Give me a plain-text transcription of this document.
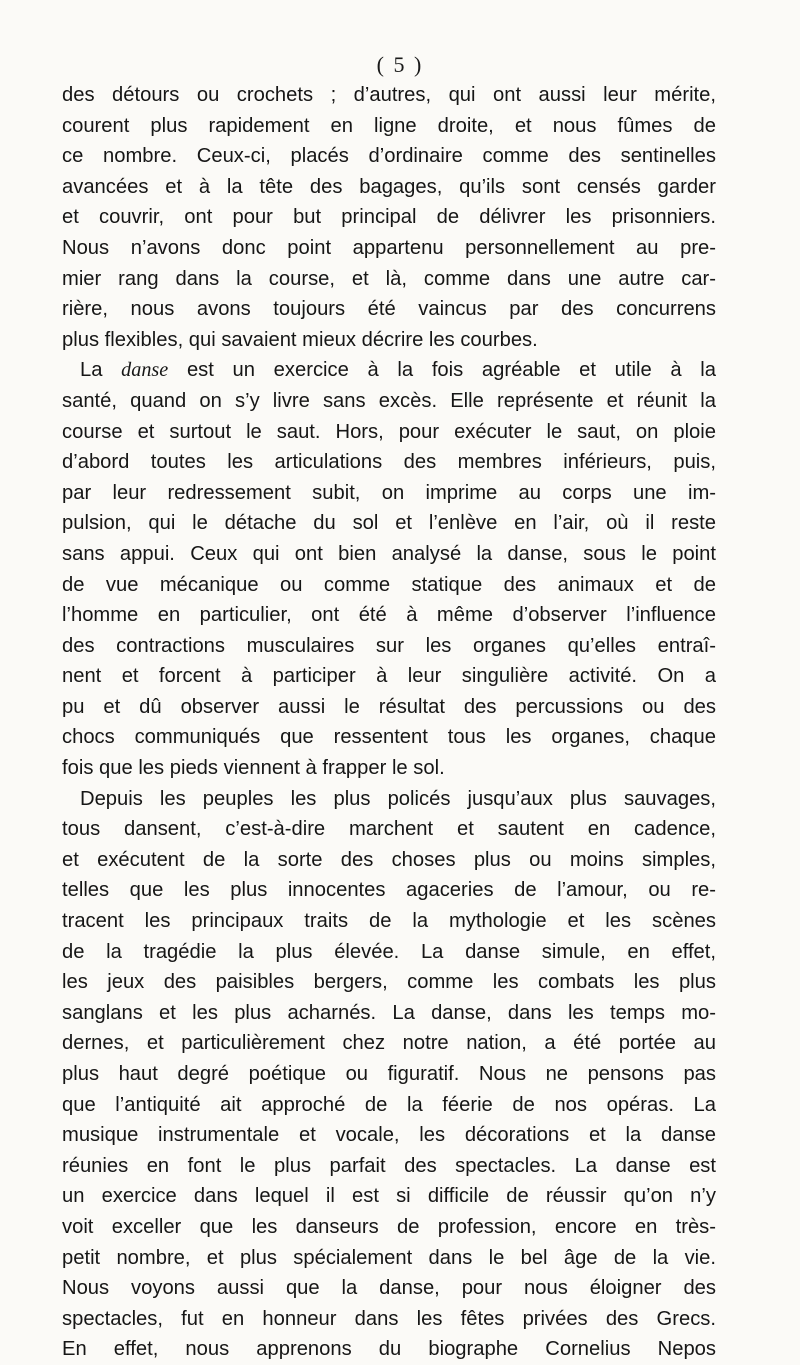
( 5 )
des détours ou crochets ; d’autres, qui ont aussi leur mérite,
courent plus rapidement en ligne droite, et nous fûmes de
ce nombre. Ceux-ci, placés d’ordinaire comme des sentinelles
avancées et à la tête des bagages, qu’ils sont censés garder
et couvrir, ont pour but principal de délivrer les prisonniers.
Nous n’avons donc point appartenu personnellement au pre-
mier rang dans la course, et là, comme dans une autre car-
rière, nous avons toujours été vaincus par des concurrens
plus flexibles, qui savaient mieux décrire les courbes.
La danse est un exercice à la fois agréable et utile à la
santé, quand on s’y livre sans excès. Elle représente et réunit la
course et surtout le saut. Hors, pour exécuter le saut, on ploie
d’abord toutes les articulations des membres inférieurs, puis,
par leur redressement subit, on imprime au corps une im-
pulsion, qui le détache du sol et l’enlève en l’air, où il reste
sans appui. Ceux qui ont bien analysé la danse, sous le point
de vue mécanique ou comme statique des animaux et de
l’homme en particulier, ont été à même d’observer l’influence
des contractions musculaires sur les organes qu’elles entraî-
nent et forcent à participer à leur singulière activité. On a
pu et dû observer aussi le résultat des percussions ou des
chocs communiqués que ressentent tous les organes, chaque
fois que les pieds viennent à frapper le sol.
Depuis les peuples les plus policés jusqu’aux plus sauvages,
tous dansent, c’est-à-dire marchent et sautent en cadence,
et exécutent de la sorte des choses plus ou moins simples,
telles que les plus innocentes agaceries de l’amour, ou re-
tracent les principaux traits de la mythologie et les scènes
de la tragédie la plus élevée. La danse simule, en effet,
les jeux des paisibles bergers, comme les combats les plus
sanglans et les plus acharnés. La danse, dans les temps mo-
dernes, et particulièrement chez notre nation, a été portée au
plus haut degré poétique ou figuratif. Nous ne pensons pas
que l’antiquité ait approché de la féerie de nos opéras. La
musique instrumentale et vocale, les décorations et la danse
réunies en font le plus parfait des spectacles. La danse est
un exercice dans lequel il est si difficile de réussir qu’on n’y
voit exceller que les danseurs de profession, encore en très-
petit nombre, et plus spécialement dans le bel âge de la vie.
Nous voyons aussi que la danse, pour nous éloigner des
spectacles, fut en honneur dans les fêtes privées des Grecs.
En effet, nous apprenons du biographe Cornelius Nepos
